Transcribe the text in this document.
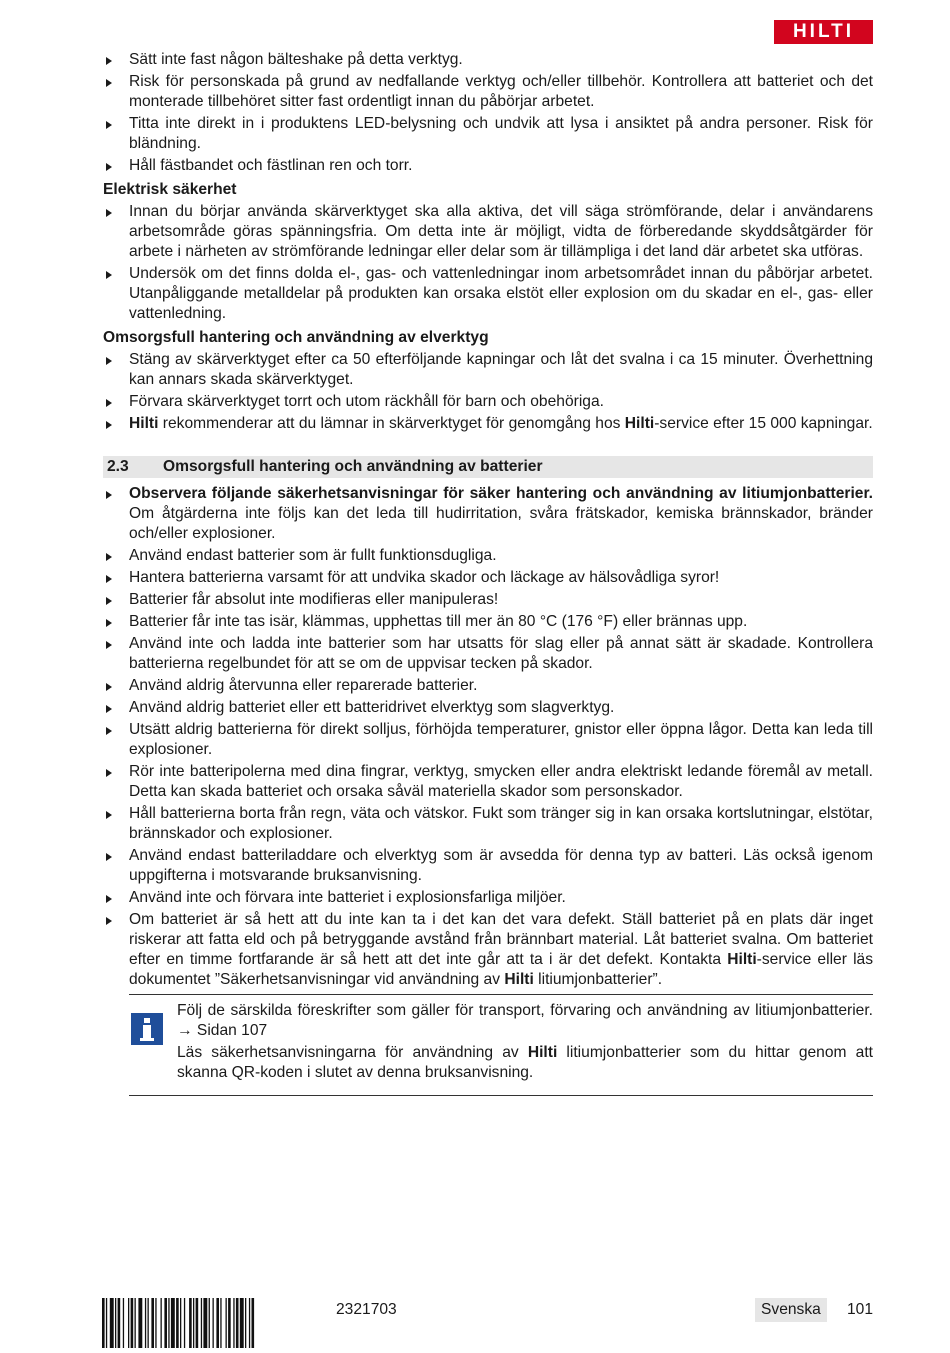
HILTI
Sätt inte fast någon bälteshake på detta verktyg.
Risk för personskada på grund av nedfallande verktyg och/eller tillbehör. Kontrollera att batteriet och det monterade tillbehöret sitter fast ordentligt innan du påbörjar arbetet.
Titta inte direkt in i produktens LED-belysning och undvik att lysa i ansiktet på andra personer. Risk för bländning.
Håll fästbandet och fästlinan ren och torr.
Elektrisk säkerhet
Innan du börjar använda skärverktyget ska alla aktiva, det vill säga strömförande, delar i användarens arbetsområde göras spänningsfria. Om detta inte är möjligt, vidta de förberedande skyddsåtgärder för arbete i närheten av strömförande ledningar eller delar som är tillämpliga i det land där arbetet ska utföras.
Undersök om det finns dolda el-, gas- och vattenledningar inom arbetsområdet innan du påbörjar arbetet. Utanpåliggande metalldelar på produkten kan orsaka elstöt eller explosion om du skadar en el-, gas- eller vattenledning.
Omsorgsfull hantering och användning av elverktyg
Stäng av skärverktyget efter ca 50 efterföljande kapningar och låt det svalna i ca 15 minuter. Överhettning kan annars skada skärverktyget.
Förvara skärverktyget torrt och utom räckhåll för barn och obehöriga.
Hilti rekommenderar att du lämnar in skärverktyget för genomgång hos Hilti-service efter 15 000 kapningar.
2.3	Omsorgsfull hantering och användning av batterier
Observera följande säkerhetsanvisningar för säker hantering och användning av litiumjonbatterier. Om åtgärderna inte följs kan det leda till hudirritation, svåra frätskador, kemiska brännskador, bränder och/eller explosioner.
Använd endast batterier som är fullt funktionsdugliga.
Hantera batterierna varsamt för att undvika skador och läckage av hälsovådliga syror!
Batterier får absolut inte modifieras eller manipuleras!
Batterier får inte tas isär, klämmas, upphettas till mer än 80 °C (176 °F) eller brännas upp.
Använd inte och ladda inte batterier som har utsatts för slag eller på annat sätt är skadade. Kontrollera batterierna regelbundet för att se om de uppvisar tecken på skador.
Använd aldrig återvunna eller reparerade batterier.
Använd aldrig batteriet eller ett batteridrivet elverktyg som slagverktyg.
Utsätt aldrig batterierna för direkt solljus, förhöjda temperaturer, gnistor eller öppna lågor. Detta kan leda till explosioner.
Rör inte batteripolerna med dina fingrar, verktyg, smycken eller andra elektriskt ledande föremål av metall. Detta kan skada batteriet och orsaka såväl materiella skador som personskador.
Håll batterierna borta från regn, väta och vätskor. Fukt som tränger sig in kan orsaka kortslutningar, elstötar, brännskador och explosioner.
Använd endast batteriladdare och elverktyg som är avsedda för denna typ av batteri. Läs också igenom uppgifterna i motsvarande bruksanvisning.
Använd inte och förvara inte batteriet i explosionsfarliga miljöer.
Om batteriet är så hett att du inte kan ta i det kan det vara defekt. Ställ batteriet på en plats där inget riskerar att fatta eld och på betryggande avstånd från brännbart material. Låt batteriet svalna. Om batteriet efter en timme fortfarande är så hett att det inte går att ta i är det defekt. Kontakta Hilti-service eller läs dokumentet ”Säkerhetsanvisningar vid användning av Hilti litiumjonbatterier”.

Följ de särskilda föreskrifter som gäller för transport, förvaring och användning av litiumjonbatterier. → Sidan 107

Läs säkerhetsanvisningarna för användning av Hilti litiumjonbatterier som du hittar genom att skanna QR-koden i slutet av denna bruksanvisning.

2321703	Svenska	101
